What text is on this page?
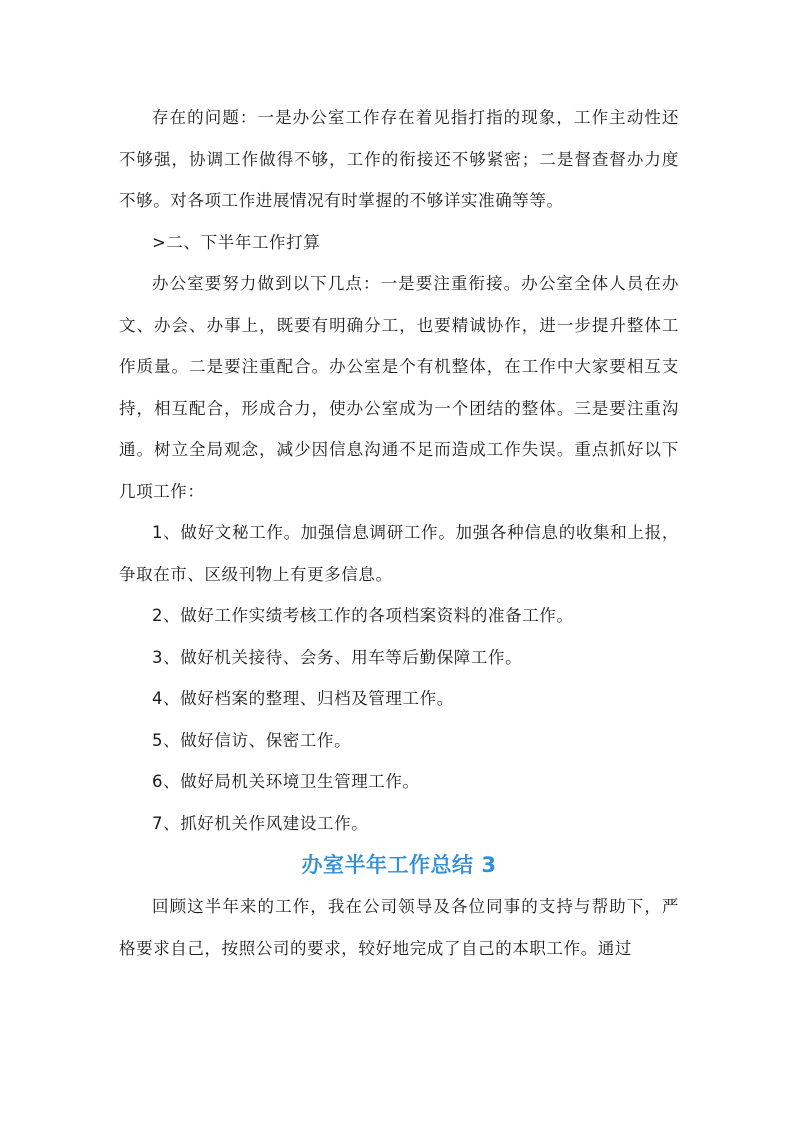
存在的问题：一是办公室工作存在着见指打指的现象，工作主动性还不够强，协调工作做得不够，工作的衔接还不够紧密；二是督查督办力度不够。对各项工作进展情况有时掌握的不够详实准确等等。

>二、下半年工作打算

办公室要努力做到以下几点：一是要注重衔接。办公室全体人员在办文、办会、办事上，既要有明确分工，也要精诚协作，进一步提升整体工作质量。二是要注重配合。办公室是个有机整体，在工作中大家要相互支持，相互配合，形成合力，使办公室成为一个团结的整体。三是要注重沟通。树立全局观念，减少因信息沟通不足而造成工作失误。重点抓好以下几项工作：

1、做好文秘工作。加强信息调研工作。加强各种信息的收集和上报，争取在市、区级刊物上有更多信息。

2、做好工作实绩考核工作的各项档案资料的准备工作。

3、做好机关接待、会务、用车等后勤保障工作。

4、做好档案的整理、归档及管理工作。

5、做好信访、保密工作。

6、做好局机关环境卫生管理工作。

7、抓好机关作风建设工作。

办室半年工作总结 3

回顾这半年来的工作，我在公司领导及各位同事的支持与帮助下，严格要求自己，按照公司的要求，较好地完成了自己的本职工作。通过
